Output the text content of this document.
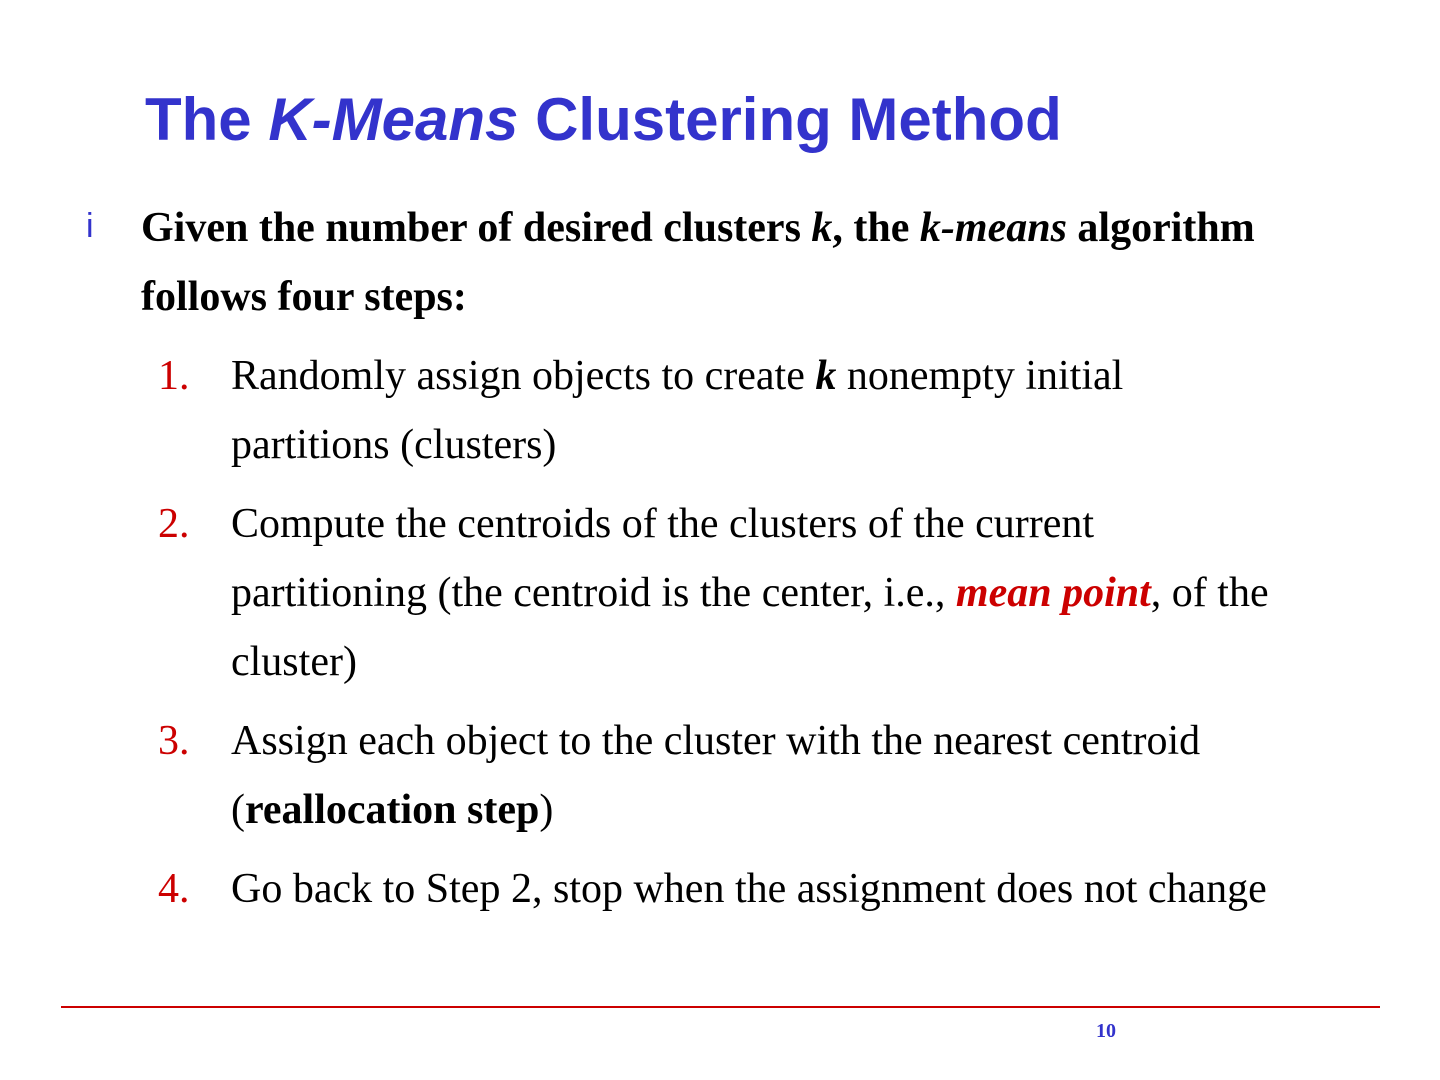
The K-Means Clustering Method
i Given the number of desired clusters k, the k-means algorithm follows four steps:

1. Randomly assign objects to create k nonempty initial partitions (clusters)
2. Compute the centroids of the clusters of the current partitioning (the centroid is the center, i.e., mean point, of the cluster)
3. Assign each object to the cluster with the nearest centroid (reallocation step)
4. Go back to Step 2, stop when the assignment does not change
10
